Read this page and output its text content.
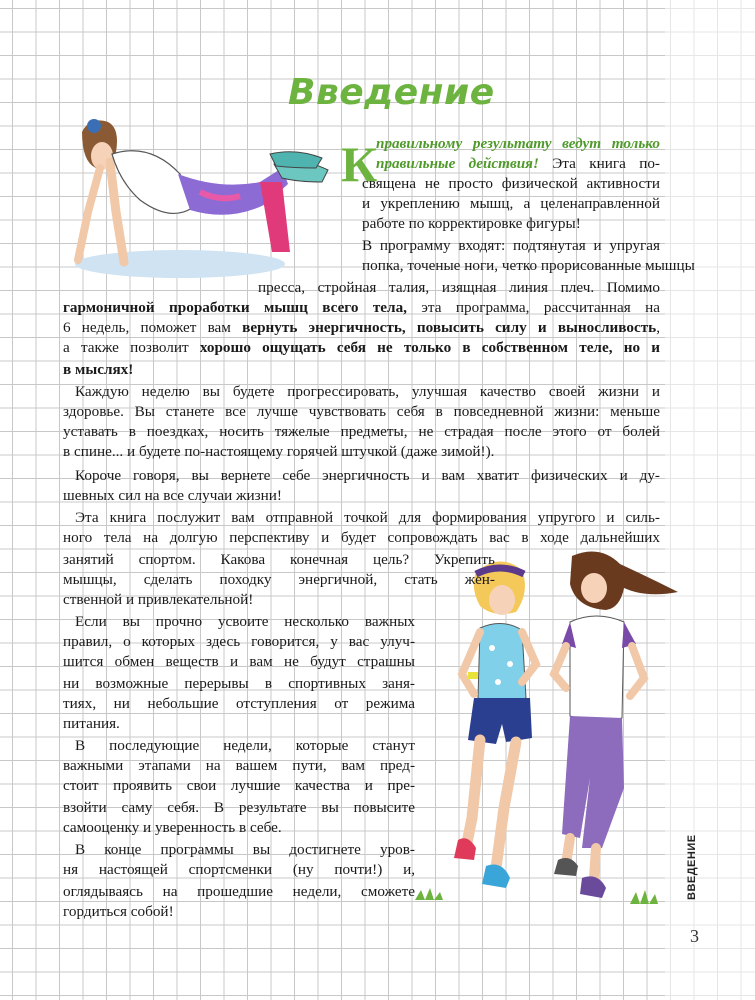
Введение
К

правильному результату ведут только

правильные действия! Эта книга по-

священа не просто физической активности

и укреплению мышц, а целенаправленной

работе по корректировке фигуры!

В программу входят: подтянутая и упругая

попка, точеные ноги, четко прорисованные мышцы

пресса, стройная талия, изящная линия плеч. Помимо

гармоничной проработки мышц всего тела, эта программа, рассчитанная на

6 недель, поможет вам вернуть энергичность, повысить силу и выносливость,

а также позволит хорошо ощущать себя не только в собственном теле, но и

в мыслях!

Каждую неделю вы будете прогрессировать, улучшая качество своей жизни и

здоровье. Вы станете все лучше чувствовать себя в повседневной жизни: меньше

уставать в поездках, носить тяжелые предметы, не страдая после этого от болей

в спине... и будете по-настоящему горячей штучкой (даже зимой!).

Короче говоря, вы вернете себе энергичность и вам хватит физических и ду-

шевных сил на все случаи жизни!

Эта книга послужит вам отправной точкой для формирования упругого и силь-

ного тела на долгую перспективу и будет сопровождать вас в ходе дальнейших

занятий спортом. Какова конечная цель? Укрепить

мышцы, сделать походку энергичной, стать жен-

ственной и привлекательной!

Если вы прочно усвоите несколько важных

правил, о которых здесь говорится, у вас улуч-

шится обмен веществ и вам не будут страшны

ни возможные перерывы в спортивных заня-

тиях, ни небольшие отступления от режима

питания.

В последующие недели, которые станут

важными этапами на вашем пути, вам пред-

стоит проявить свои лучшие качества и пре-

взойти саму себя. В результате вы повысите

самооценку и уверенность в себе.

В конце программы вы достигнете уров-

ня настоящей спортсменки (ну почти!) и,

оглядываясь на прошедшие недели, сможете

гордиться собой!

ВВЕДЕНИЕ
3
